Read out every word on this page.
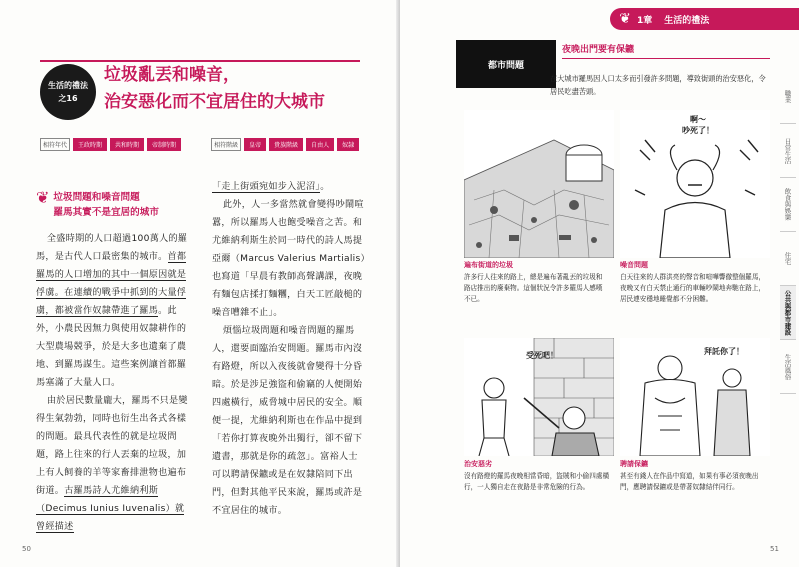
生活的禮法
之16
垃圾亂丟和噪音，
治安惡化而不宜居住的大城市
相符年代	王政時期	共和時期	帝制時期	相符階級	皇帝	貴族階級	自由人	奴隸
❦ 垃圾問題和噪音問題
羅馬其實不是宜居的城市

全盛時期的人口超過100萬人的羅馬，是古代人口最密集的城市。首都羅馬的人口增加的其中一個原因就是俘虜。在連續的戰爭中抓到的大量俘虜，都被當作奴隸帶進了羅馬。此外，小農民因無力與使用奴隸耕作的大型農場競爭，於是大多也遺棄了農地、到羅馬謀生。這些案例讓首都羅馬塞滿了大量人口。

由於居民數量龐大，羅馬不只是變得生氣勃勃，同時也衍生出各式各樣的問題。最具代表性的就是垃圾問題，路上往來的行人丟棄的垃圾，加上有人飼養的羊等家畜排泄物也遍布街道。古羅馬詩人尤維納利斯（Decimus Iunius Iuvenalis）就曾經描述

「走上街頭宛如步入泥沼」。

此外，人一多當然就會變得吵鬧喧囂，所以羅馬人也飽受噪音之苦。和尤維納利斯生於同一時代的詩人馬提亞爾（Marcus Valerius Martialis）也寫道「早晨有教師高聲講課，夜晚有麵包店揉打麵糰，白天工匠敲槌的噪音嘈雜不止」。

煩惱垃圾問題和噪音問題的羅馬人，還要面臨治安問題。羅馬市內沒有路燈，所以入夜後就會變得十分昏暗。於是涉足強盜和偷竊的人便開始四處橫行，威脅城中居民的安全。順便一提，尤維納利斯也在作品中提到「若你打算夜晚外出獨行，卻不留下遺書，那就是你的疏忽」。富裕人士可以聘請保鑣或是在奴隸陪同下出門，但對其他平民來說，羅馬或許是不宜居住的城市。

50
❦ 1章 生活的禮法
都市問題
夜晚出門要有保鑣
在大城市羅馬因人口太多而引發許多問題，導致街頭的治安惡化，令居民吃盡苦頭。
遍布街道的垃圾
許多行人往來的路上，總是遍布著亂丟的垃圾和路店推出的廢棄物。這個狀況令許多羅馬人感嘆不已。
啊～
吵死了！
噪音問題
白天往來的人群洪亮的聲音和喧嘩響徹整個羅馬，夜晚又有白天禁止通行的車輛吵鬧地奔馳在路上，居民連安穩地睡覺都不分困難。
受死吧！
治安惡劣
沒有路燈的羅馬夜晚相當昏暗，盜賊和小偷四處橫行，一人獨自走在夜路是非常危險的行為。
拜託你了！
聘請保鑣
甚至有錢人在作品中寫道，如果有事必須夜晚出門，應聘請保鑣或是帶著奴隸結伴同行。
職業
日常生活
飲食與娛樂
住宅
公共與都市建設
生活風俗
51
